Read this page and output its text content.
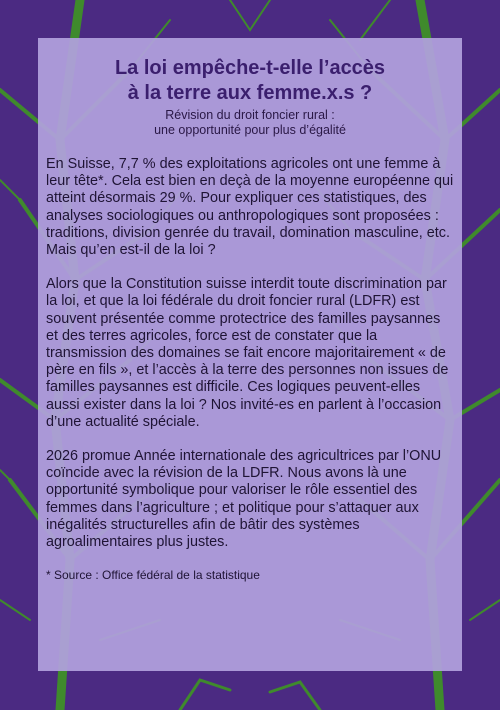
La loi empêche-t-elle l’accès
à la terre aux femme.x.s ?

Révision du droit foncier rural :
une opportunité pour plus d’égalité

En Suisse, 7,7 % des exploitations agricoles ont une femme à leur tête*. Cela est bien en deçà de la moyenne européenne qui atteint désormais 29 %. Pour expliquer ces statistiques, des analyses sociologiques ou anthropologiques sont proposées : traditions, division genrée du travail, domination masculine, etc.

Mais qu’en est-il de la loi ?

Alors que la Constitution suisse interdit toute discrimination par la loi, et que la loi fédérale du droit foncier rural (LDFR) est souvent présentée comme protectrice des familles paysannes et des terres agricoles, force est de constater que la transmission des domaines se fait encore majoritairement « de père en fils », et l’accès à la terre des personnes non issues de familles paysannes est difficile. Ces logiques peuvent-elles aussi exister dans la loi ? Nos invité-es en parlent à l’occasion d’une actualité spéciale.

2026 promue Année internationale des agricultrices par l’ONU coïncide avec la révision de la LDFR. Nous avons là une opportunité symbolique pour valoriser le rôle essentiel des femmes dans l’agriculture ; et politique pour s’attaquer aux inégalités structurelles afin de bâtir des systèmes agroalimentaires plus justes.

* Source : Office fédéral de la statistique
